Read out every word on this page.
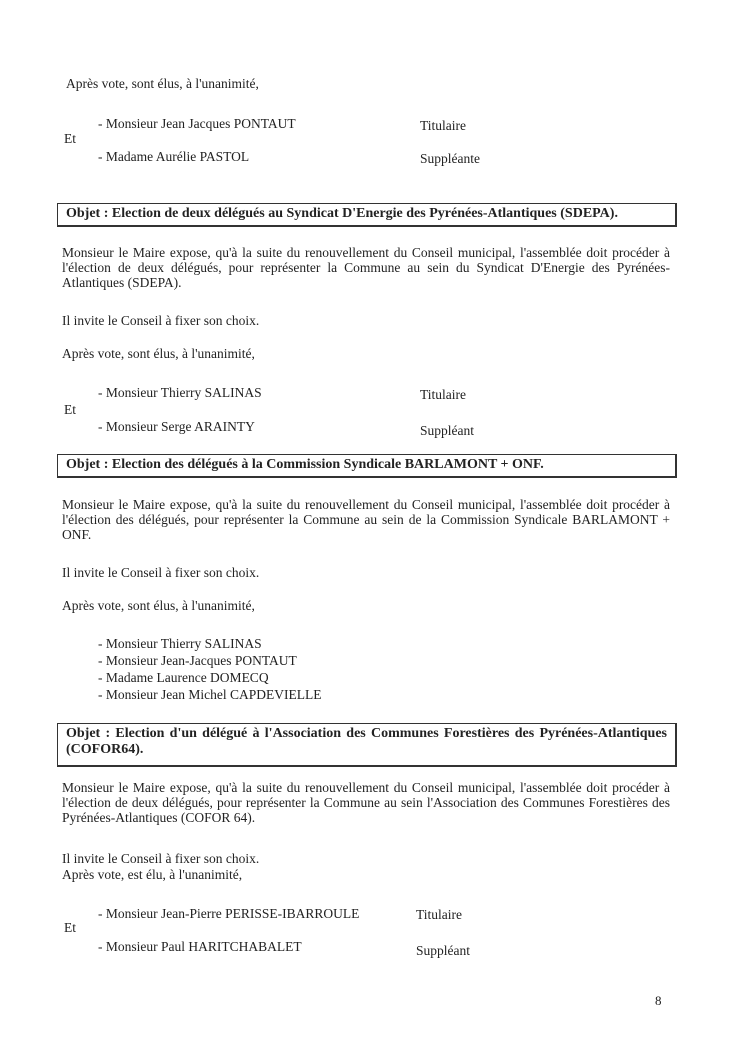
Après vote, sont élus, à l'unanimité,
- Monsieur Jean Jacques PONTAUT	Titulaire
Et
- Madame Aurélie PASTOL	Suppléante
Objet : Election de deux délégués au Syndicat D'Energie des Pyrénées-Atlantiques (SDEPA).
Monsieur le Maire expose, qu'à la suite du renouvellement du Conseil municipal, l'assemblée doit procéder à l'élection de deux délégués, pour représenter la Commune au sein du Syndicat D'Energie des Pyrénées-Atlantiques (SDEPA).
Il invite le Conseil à fixer son choix.
Après vote, sont élus, à l'unanimité,
- Monsieur Thierry SALINAS	Titulaire
Et
- Monsieur Serge ARAINTY	Suppléant
Objet : Election des délégués à la Commission Syndicale BARLAMONT + ONF.
Monsieur le Maire expose, qu'à la suite du renouvellement du Conseil municipal, l'assemblée doit procéder à l'élection des délégués, pour représenter la Commune au sein de la Commission Syndicale BARLAMONT + ONF.
Il invite le Conseil à fixer son choix.
Après vote, sont élus, à l'unanimité,
- Monsieur Thierry SALINAS
- Monsieur Jean-Jacques PONTAUT
- Madame Laurence DOMECQ
- Monsieur Jean Michel CAPDEVIELLE
Objet : Election d'un délégué à l'Association des Communes Forestières des Pyrénées-Atlantiques (COFOR64).
Monsieur le Maire expose, qu'à la suite du renouvellement du Conseil municipal, l'assemblée doit procéder à l'élection de deux délégués, pour représenter la Commune au sein l'Association des Communes Forestières des Pyrénées-Atlantiques (COFOR 64).
Il invite le Conseil à fixer son choix.
Après vote, est élu, à l'unanimité,
- Monsieur Jean-Pierre PERISSE-IBARROULE	Titulaire
Et
- Monsieur Paul HARITCHABALET	Suppléant
8
